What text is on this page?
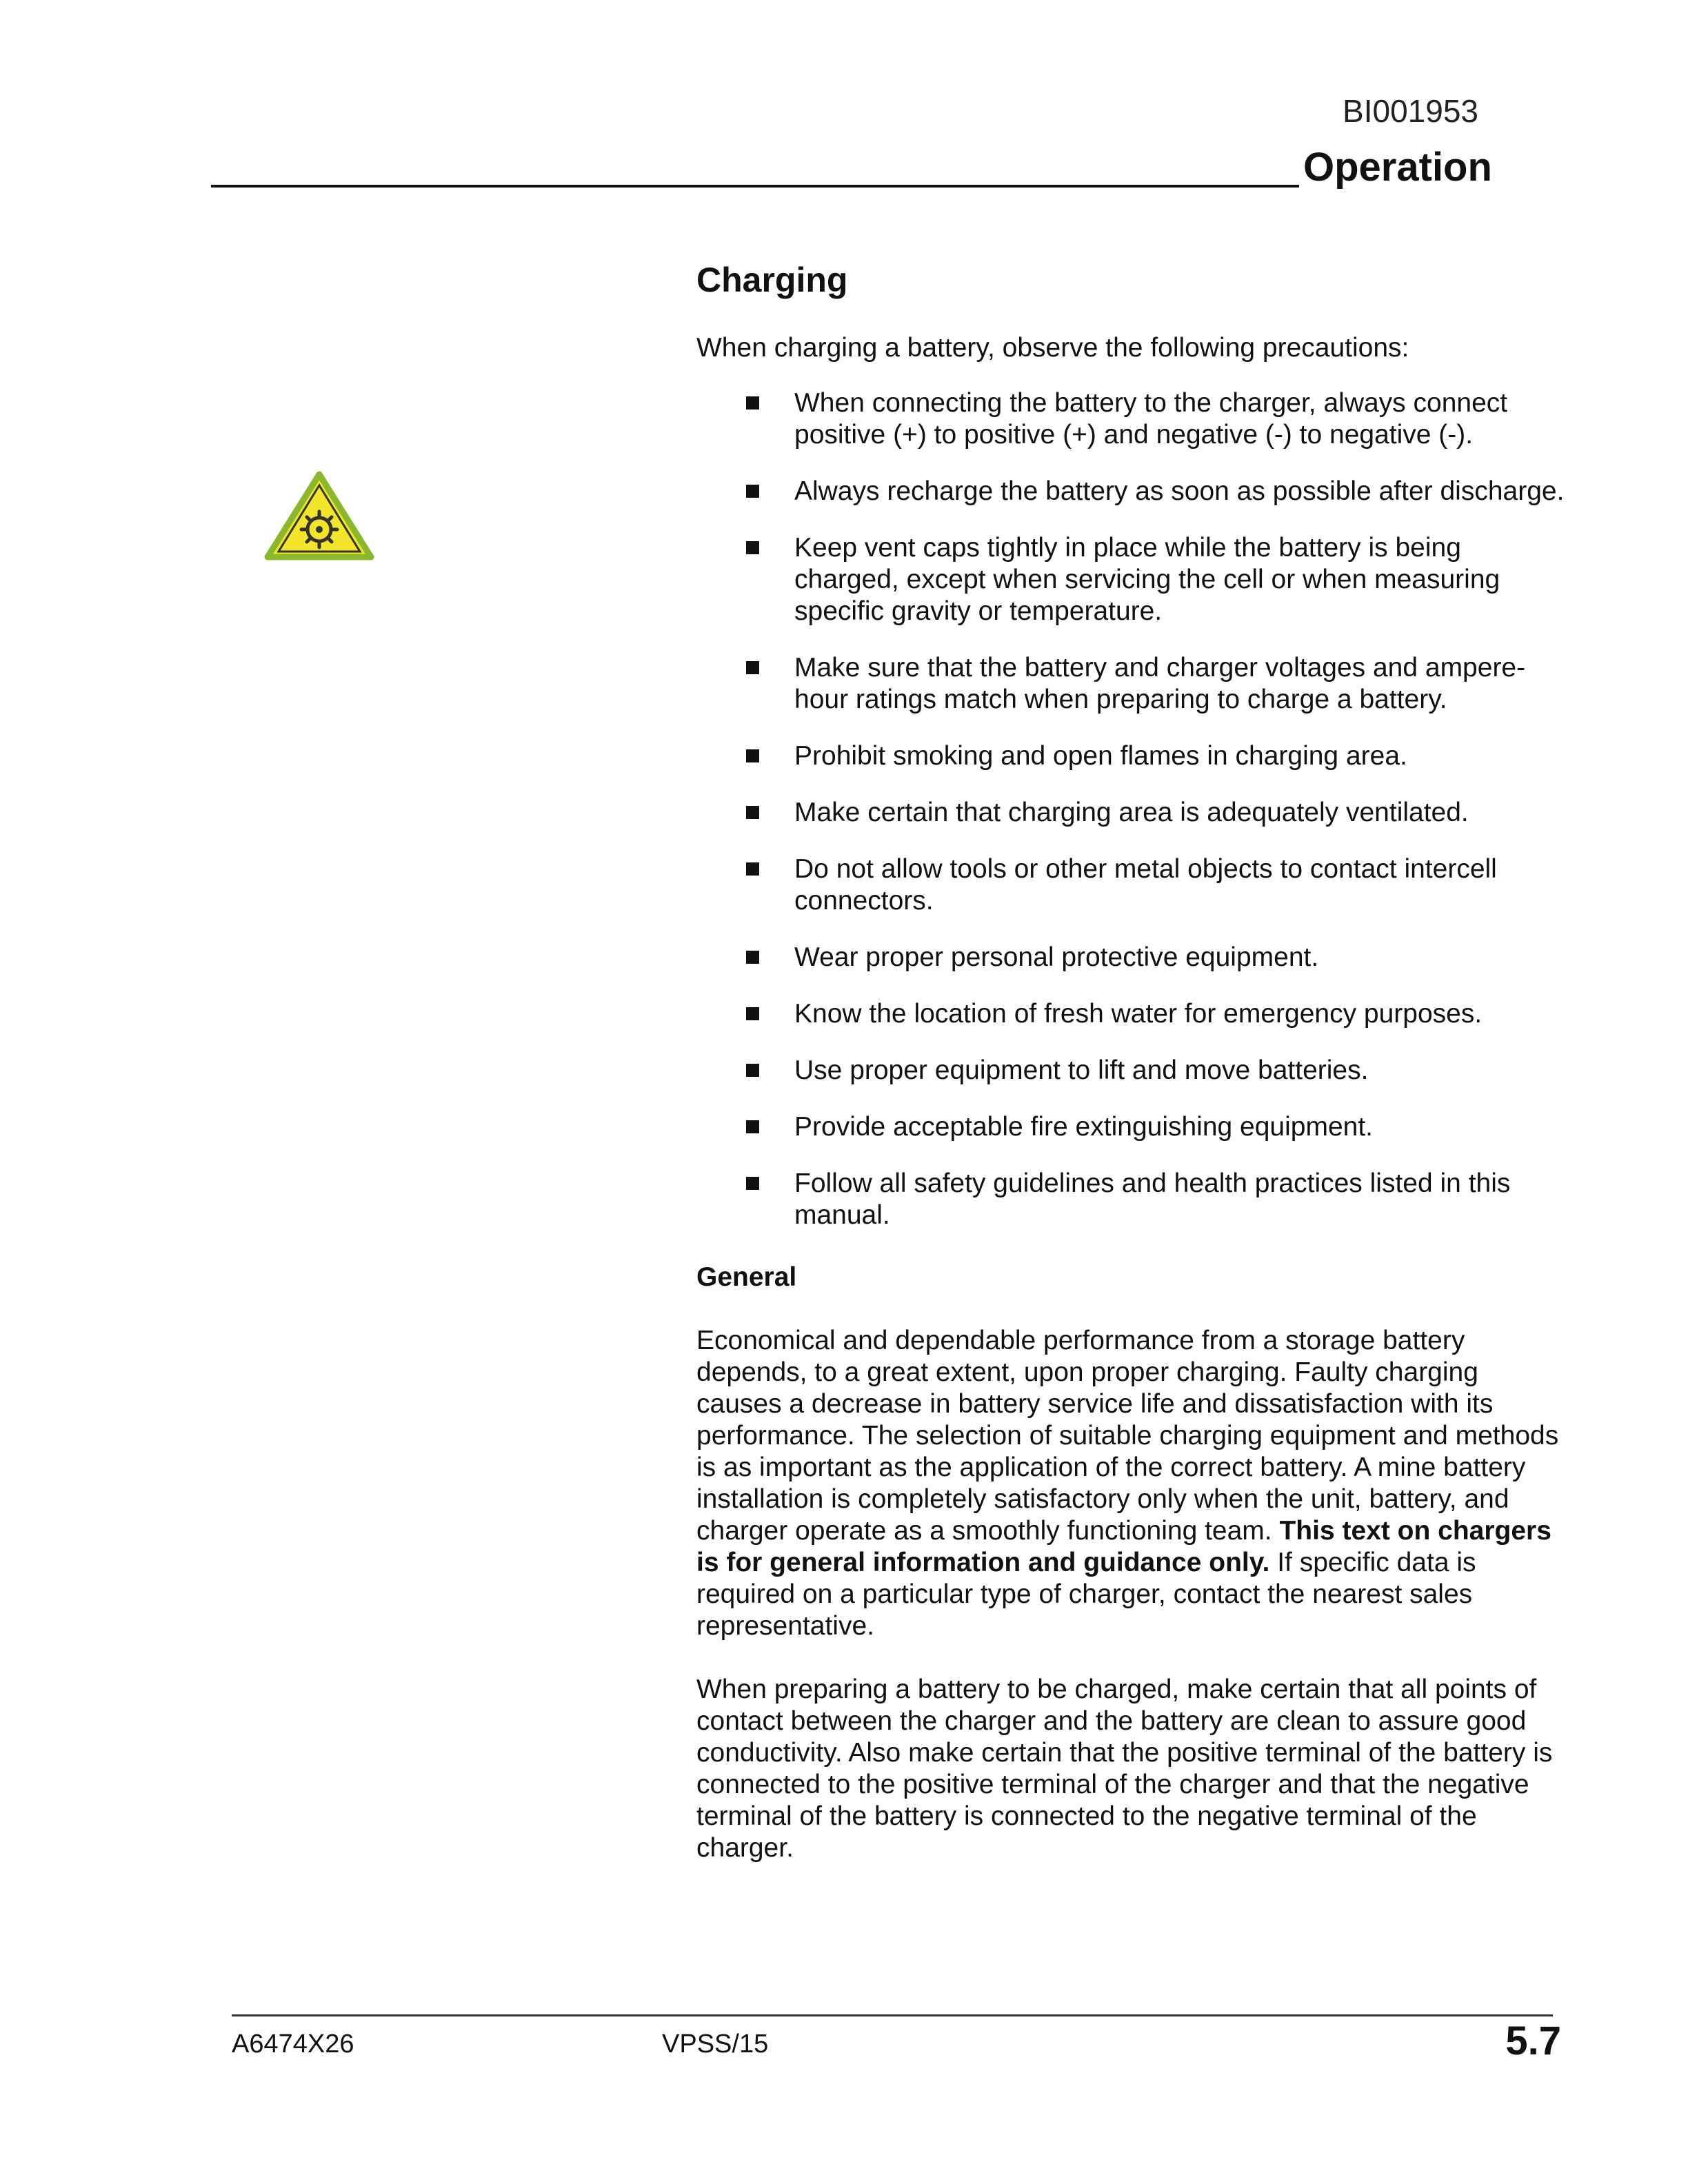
BI001953
Operation
Charging
When charging a battery, observe the following precautions:
When connecting the battery to the charger, always connect positive (+) to positive (+) and negative (-) to negative (-).
Always recharge the battery as soon as possible after discharge.
Keep vent caps tightly in place while the battery is being charged, except when servicing the cell or when measuring specific gravity or temperature.
Make sure that the battery and charger voltages and ampere-hour ratings match when preparing to charge a battery.
Prohibit smoking and open flames in charging area.
Make certain that charging area is adequately ventilated.
Do not allow tools or other metal objects to contact intercell connectors.
Wear proper personal protective equipment.
Know the location of fresh water for emergency purposes.
Use proper equipment to lift and move batteries.
Provide acceptable fire extinguishing equipment.
Follow all safety guidelines and health practices listed in this manual.
General
Economical and dependable performance from a storage battery depends, to a great extent, upon proper charging. Faulty charging causes a decrease in battery service life and dissatisfaction with its performance. The selection of suitable charging equipment and methods is as important as the application of the correct battery. A mine battery installation is completely satisfactory only when the unit, battery, and charger operate as a smoothly functioning team. This text on chargers is for general information and guidance only. If specific data is required on a particular type of charger, contact the nearest sales representative.
When preparing a battery to be charged, make certain that all points of contact between the charger and the battery are clean to assure good conductivity. Also make certain that the positive terminal of the battery is connected to the positive terminal of the charger and that the negative terminal of the battery is connected to the negative terminal of the charger.
A6474X26	VPSS/15	5.7
